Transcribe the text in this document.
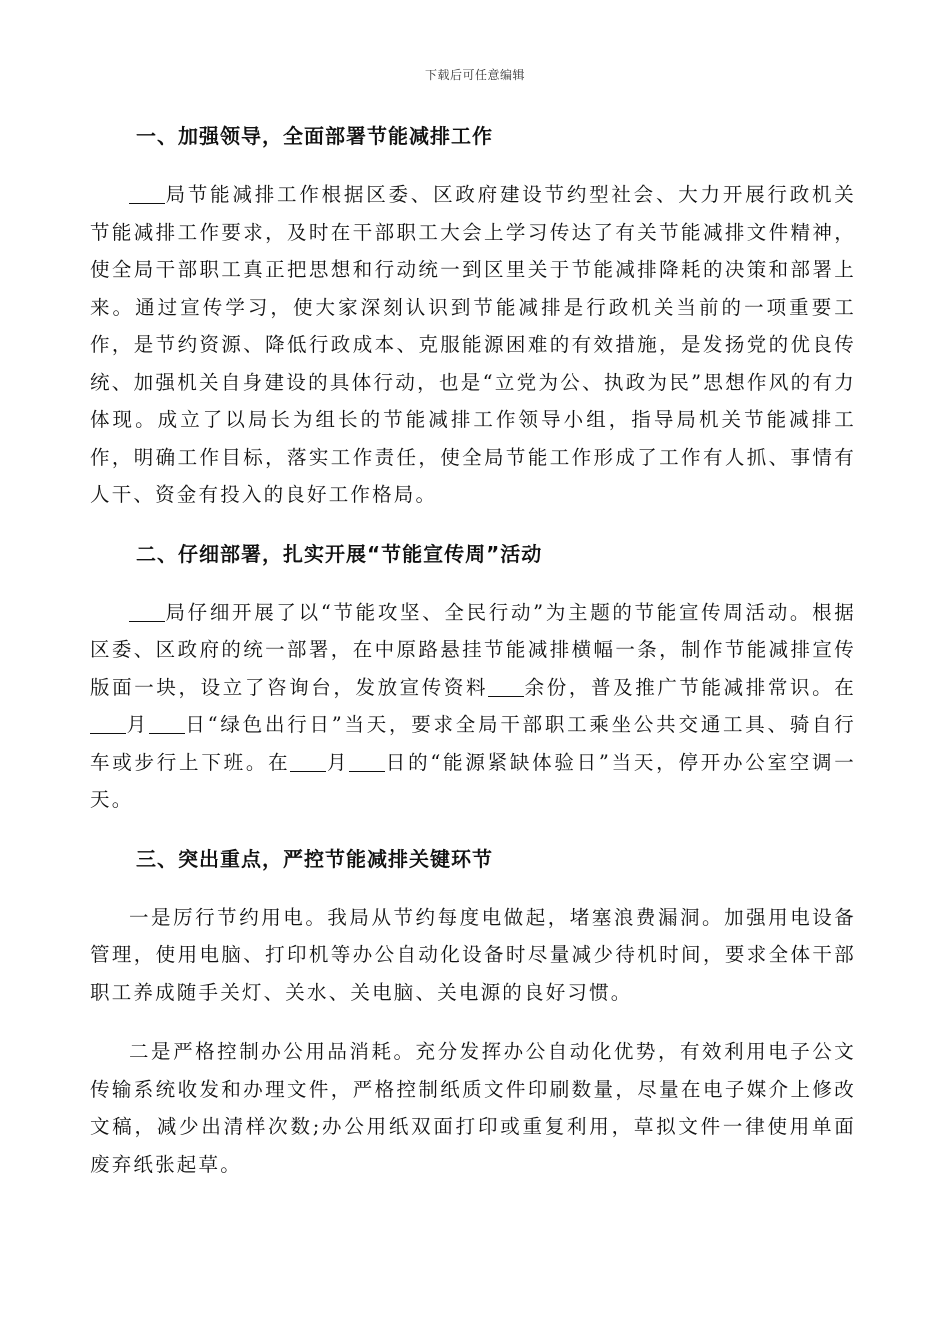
下载后可任意编辑
一、加强领导，全面部署节能减排工作

局节能减排工作根据区委、区政府建设节约型社会、大力开展行政机关节能减排工作要求，及时在干部职工大会上学习传达了有关节能减排文件精神，使全局干部职工真正把思想和行动统一到区里关于节能减排降耗的决策和部署上来。通过宣传学习，使大家深刻认识到节能减排是行政机关当前的一项重要工作，是节约资源、降低行政成本、克服能源困难的有效措施，是发扬党的优良传统、加强机关自身建设的具体行动，也是“立党为公、执政为民”思想作风的有力体现。成立了以局长为组长的节能减排工作领导小组，指导局机关节能减排工作，明确工作目标，落实工作责任，使全局节能工作形成了工作有人抓、事情有人干、资金有投入的良好工作格局。

二、仔细部署，扎实开展“节能宣传周”活动

局仔细开展了以“节能攻坚、全民行动”为主题的节能宣传周活动。根据区委、区政府的统一部署，在中原路悬挂节能减排横幅一条，制作节能减排宣传版面一块，设立了咨询台，发放宣传资料 余份，普及推广节能减排常识。在月 日“绿色出行日”当天，要求全局干部职工乘坐公共交通工具、骑自行车或步行上下班。在 月 日的“能源紧缺体验日”当天，停开办公室空调一天。

三、突出重点，严控节能减排关键环节

一是厉行节约用电。我局从节约每度电做起，堵塞浪费漏洞。加强用电设备管理，使用电脑、打印机等办公自动化设备时尽量减少待机时间，要求全体干部职工养成随手关灯、关水、关电脑、关电源的良好习惯。

二是严格控制办公用品消耗。充分发挥办公自动化优势，有效利用电子公文传输系统收发和办理文件，严格控制纸质文件印刷数量，尽量在电子媒介上修改文稿，减少出清样次数;办公用纸双面打印或重复利用，草拟文件一律使用单面废弃纸张起草。
